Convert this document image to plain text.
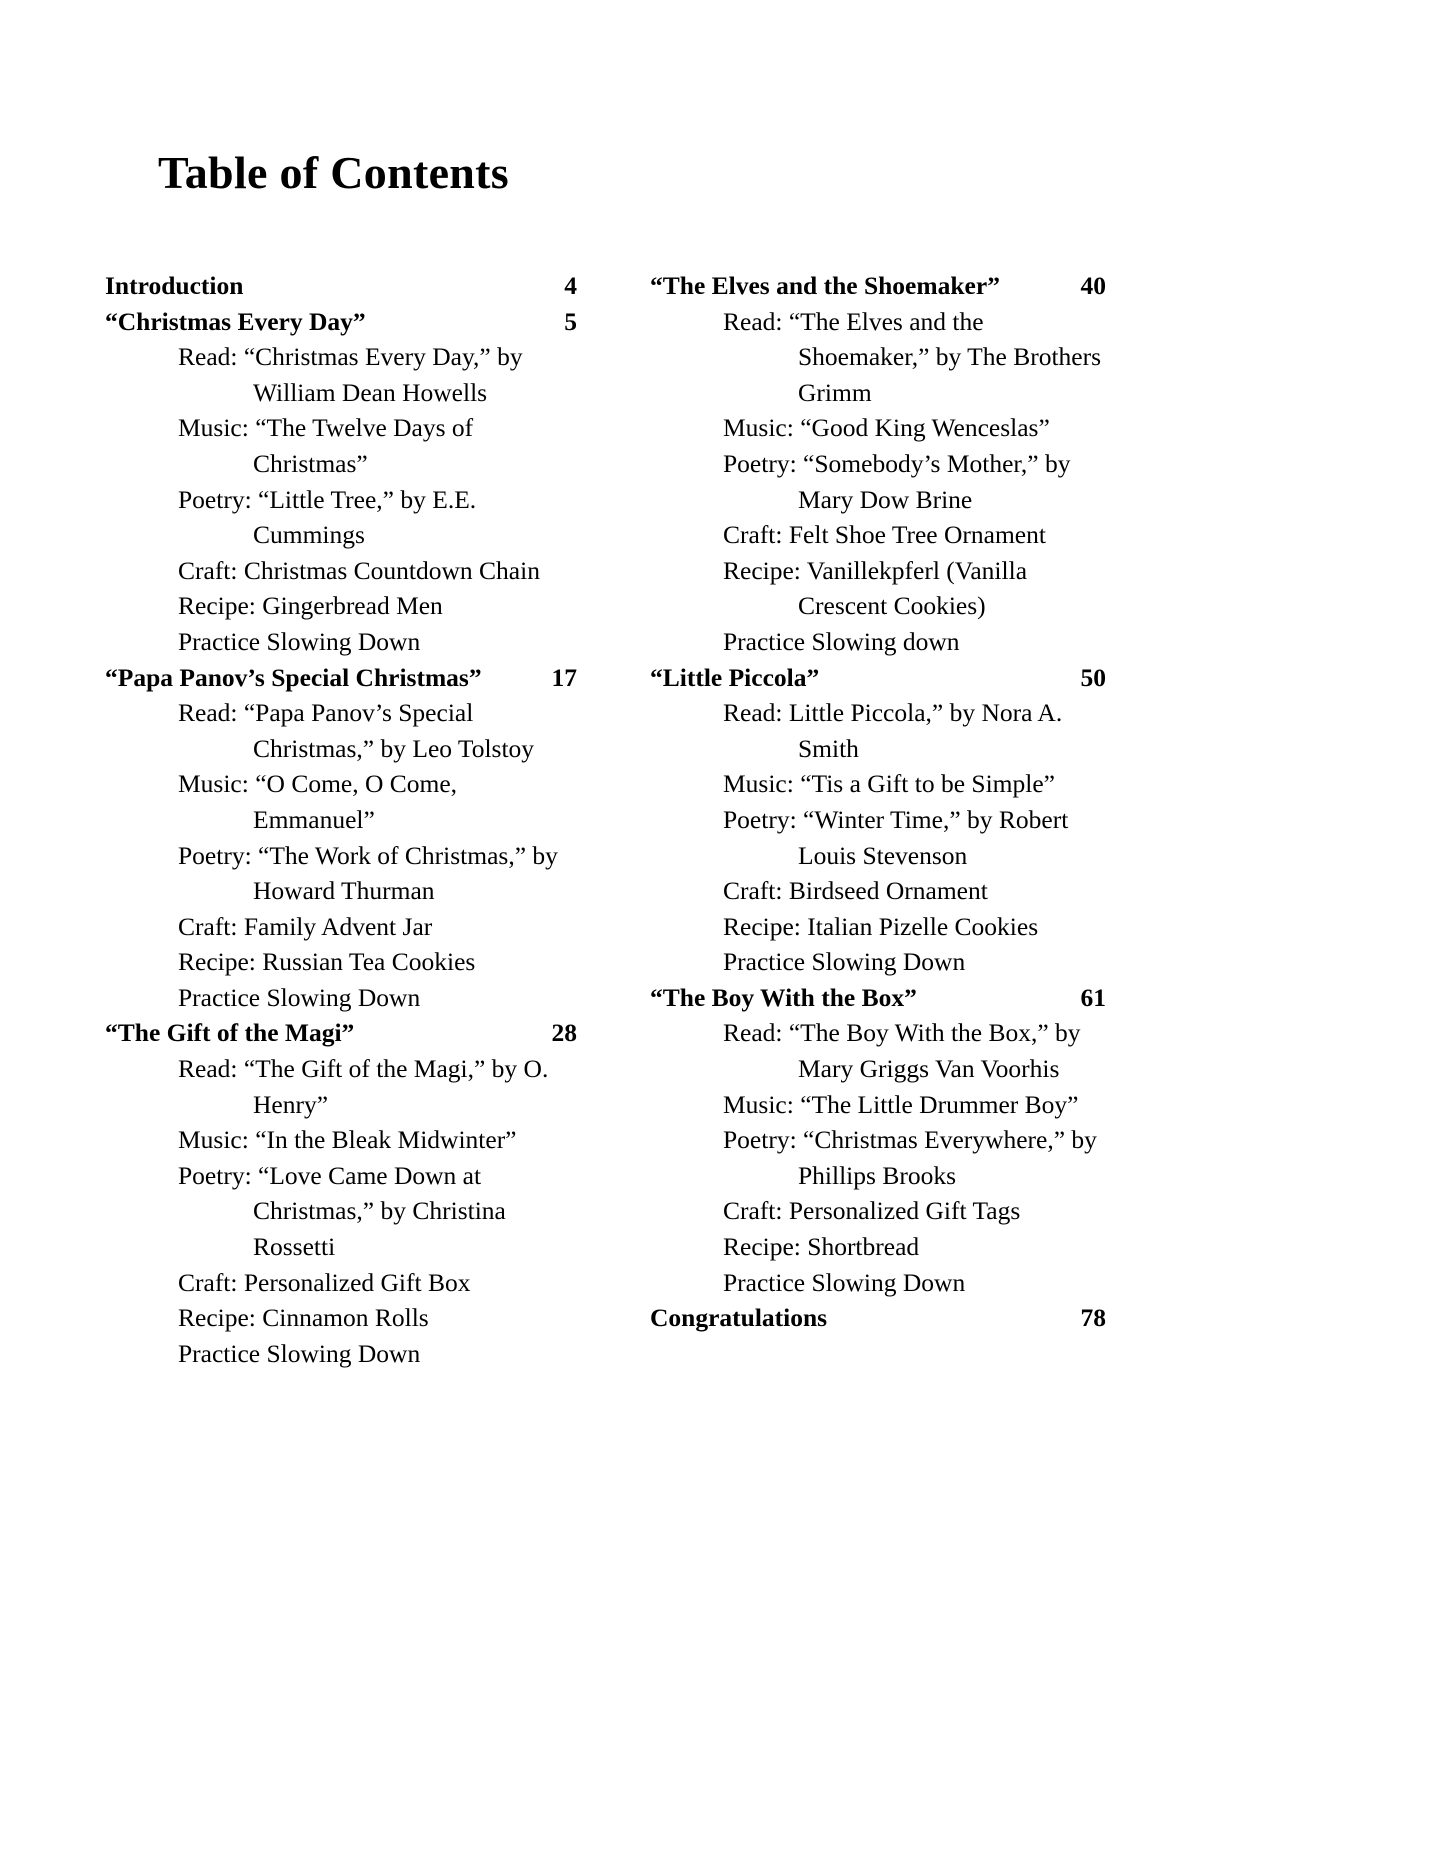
Table of Contents
Introduction	4
“Christmas Every Day”	5
Read: “Christmas Every Day,” by William Dean Howells
Music: “The Twelve Days of Christmas”
Poetry: “Little Tree,” by E.E. Cummings
Craft: Christmas Countdown Chain
Recipe: Gingerbread Men
Practice Slowing Down
“Papa Panov’s Special Christmas”	17
Read: “Papa Panov’s Special Christmas,” by Leo Tolstoy
Music: “O Come, O Come, Emmanuel”
Poetry: “The Work of Christmas,” by Howard Thurman
Craft: Family Advent Jar
Recipe: Russian Tea Cookies
Practice Slowing Down
“The Gift of the Magi”	28
Read: “The Gift of the Magi,” by O. Henry”
Music: “In the Bleak Midwinter”
Poetry: “Love Came Down at Christmas,” by Christina Rossetti
Craft: Personalized Gift Box
Recipe: Cinnamon Rolls
Practice Slowing Down
“The Elves and the Shoemaker”	40
Read: “The Elves and the Shoemaker,” by The Brothers Grimm
Music: “Good King Wenceslas”
Poetry: “Somebody’s Mother,” by Mary Dow Brine
Craft: Felt Shoe Tree Ornament
Recipe: Vanillekpferl (Vanilla Crescent Cookies)
Practice Slowing down
“Little Piccola”	50
Read: Little Piccola,” by Nora A. Smith
Music: “Tis a Gift to be Simple”
Poetry: “Winter Time,” by Robert Louis Stevenson
Craft: Birdseed Ornament
Recipe: Italian Pizelle Cookies
Practice Slowing Down
“The Boy With the Box”	61
Read: “The Boy With the Box,” by Mary Griggs Van Voorhis
Music: “The Little Drummer Boy”
Poetry: “Christmas Everywhere,” by Phillips Brooks
Craft: Personalized Gift Tags
Recipe: Shortbread
Practice Slowing Down
Congratulations	78
